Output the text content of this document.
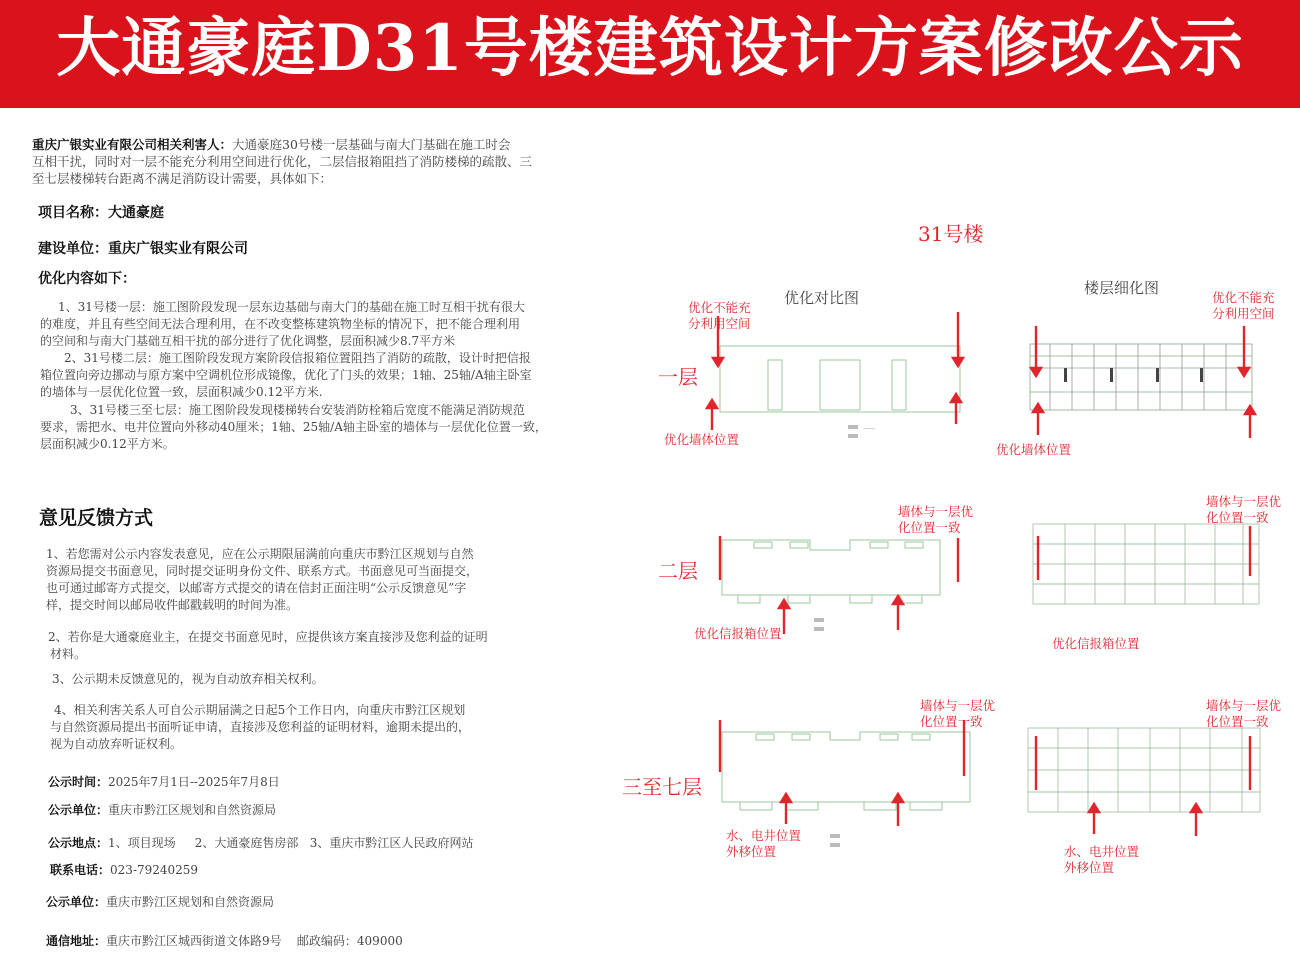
大通豪庭D31号楼建筑设计方案修改公示
重庆广银实业有限公司相关利害人：大通豪庭30号楼一层基础与南大门基础在施工时会
互相干扰，同时对一层不能充分利用空间进行优化，二层信报箱阻挡了消防楼梯的疏散、三
至七层楼梯转台距离不满足消防设计需要，具体如下：
项目名称：大通豪庭
建设单位：重庆广银实业有限公司
优化内容如下：
1、31号楼一层：施工图阶段发现一层东边基础与南大门的基础在施工时互相干扰有很大
的难度，并且有些空间无法合理利用，在不改变整栋建筑物坐标的情况下，把不能合理利用
的空间和与南大门基础互相干扰的部分进行了优化调整，层面积减少8.7平方米
2、31号楼二层：施工图阶段发现方案阶段信报箱位置阻挡了消防的疏散，设计时把信报
箱位置向旁边挪动与原方案中空调机位形成镜像，优化了门头的效果；1轴、25轴/A轴主卧室
的墙体与一层优化位置一致，层面积减少0.12平方米.
3、31号楼三至七层：施工图阶段发现楼梯转台安装消防栓箱后宽度不能满足消防规范
要求，需把水、电井位置向外移动40厘米；1轴、25轴/A轴主卧室的墙体与一层优化位置一致，
层面积减少0.12平方米。
意见反馈方式
1、若您需对公示内容发表意见，应在公示期限届满前向重庆市黔江区规划与自然
资源局提交书面意见，同时提交证明身份文件、联系方式。书面意见可当面提交，
也可通过邮寄方式提交，以邮寄方式提交的请在信封正面注明“公示反馈意见”字
样，提交时间以邮局收件邮戳载明的时间为准。
2、若你是大通豪庭业主，在提交书面意见时，应提供该方案直接涉及您利益的证明
材料。
3、公示期未反馈意见的，视为自动放弃相关权利。
4、相关利害关系人可自公示期届满之日起5个工作日内，向重庆市黔江区规划
与自然资源局提出书面听证申请，直接涉及您利益的证明材料，逾期未提出的，
视为自动放弃听证权利。
公示时间：2025年7月1日--2025年7月8日
公示单位：重庆市黔江区规划和自然资源局
公示地点：1、项目现场     2、大通豪庭售房部   3、重庆市黔江区人民政府网站
联系电话：023-79240259
公示单位：重庆市黔江区规划和自然资源局
通信地址：重庆市黔江区城西街道文体路9号    邮政编码：409000
31号楼
优化对比图
楼层细化图
一层
二层
三至七层
——
优化不能充
分利用空间
优化不能充
分利用空间
优化墙体位置
优化墙体位置
墙体与一层优
化位置一致
墙体与一层优
化位置一致
优化信报箱位置
优化信报箱位置
墙体与一层优
化位置一致
墙体与一层优
化位置一致
水、电井位置
外移位置	水、电井位置
外移位置
